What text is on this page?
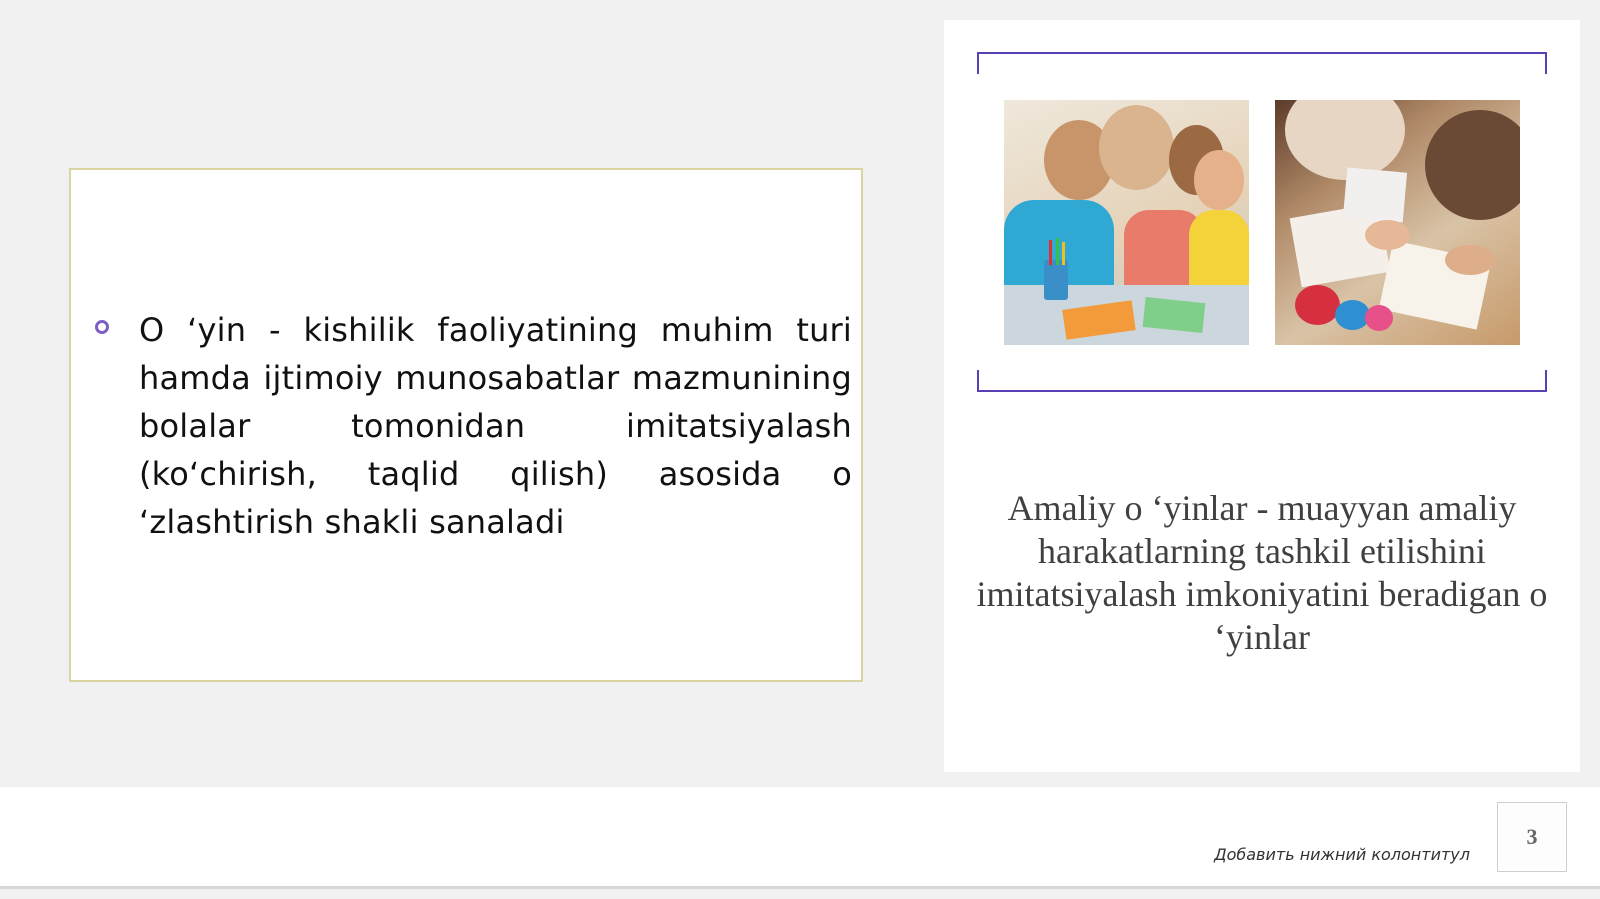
O ‘yin - kishilik faoliyatining muhim turi hamda ijtimoiy munosabatlar mazmunining bolalar tomonidan imitatsiyalash (ko‘chirish, taqlid qilish) asosida o ‘zlashtirish shakli sanaladi	Amaliy o ‘yinlar - muayyan amaliy harakatlarning tashkil etilishini imitatsiyalash imkoniyatini beradigan o ‘yinlar
Добавить нижний колонтитул
3
